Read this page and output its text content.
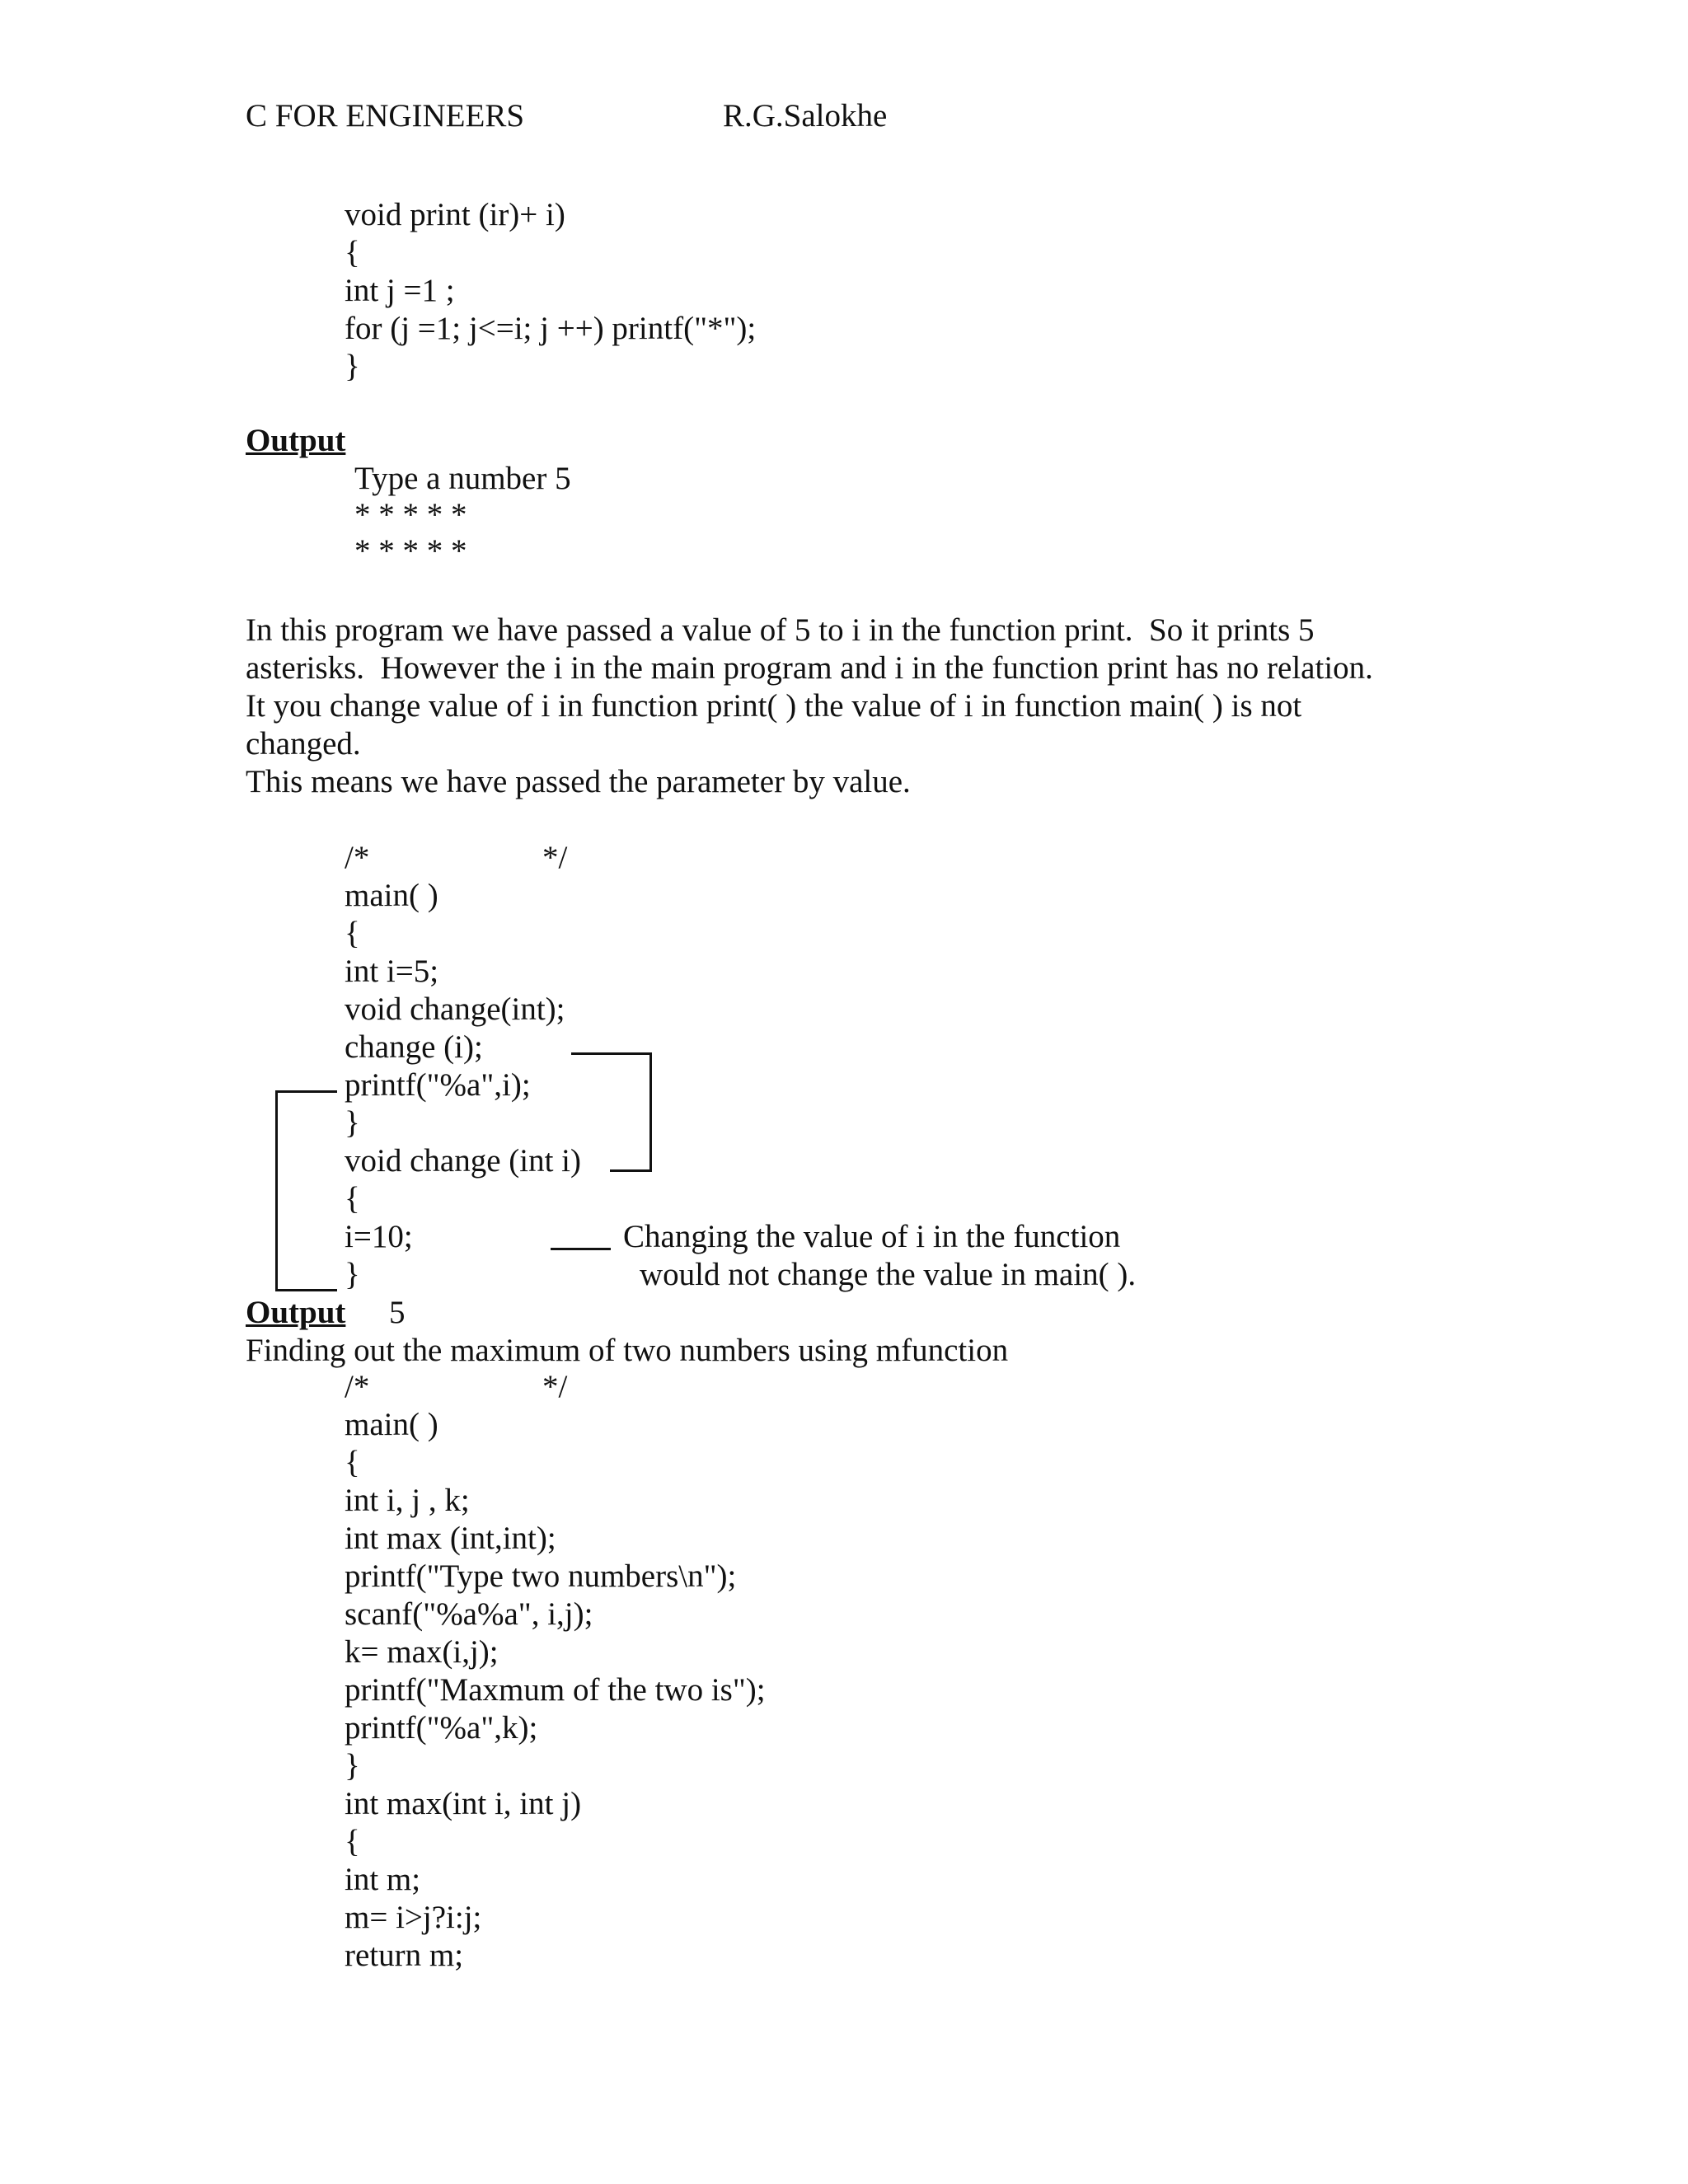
C FOR ENGINEERS	R.G.Salokhe
void print (ir)+ i)
{
int j =1 ;
for (j =1; j<=i; j ++) printf("*");
}
Output
Type a number 5
* * * * *
* * * * *
In this program we have passed a value of 5 to i in the function print.  So it prints 5
asterisks.  However the i in the main program and i in the function print has no relation.
It you change value of i in function print( ) the value of i in function main( ) is not
changed.
This means we have passed the parameter by value.
/*	*/
main( )
{
int i=5;
void change(int);
change (i);
printf("%a",i);
}
void change (int i)
{
i=10;
}
Changing the value of i in the function
would not change the value in main( ).
Output 5
Finding out the maximum of two numbers using mfunction
/*	*/
main( )
{
int i, j , k;
int max (int,int);
printf("Type two numbers\n");
scanf("%a%a", i,j);
k= max(i,j);
printf("Maxmum of the two is");
printf("%a",k);
}
int max(int i, int j)
{
int m;
m= i>j?i:j;
return m;
